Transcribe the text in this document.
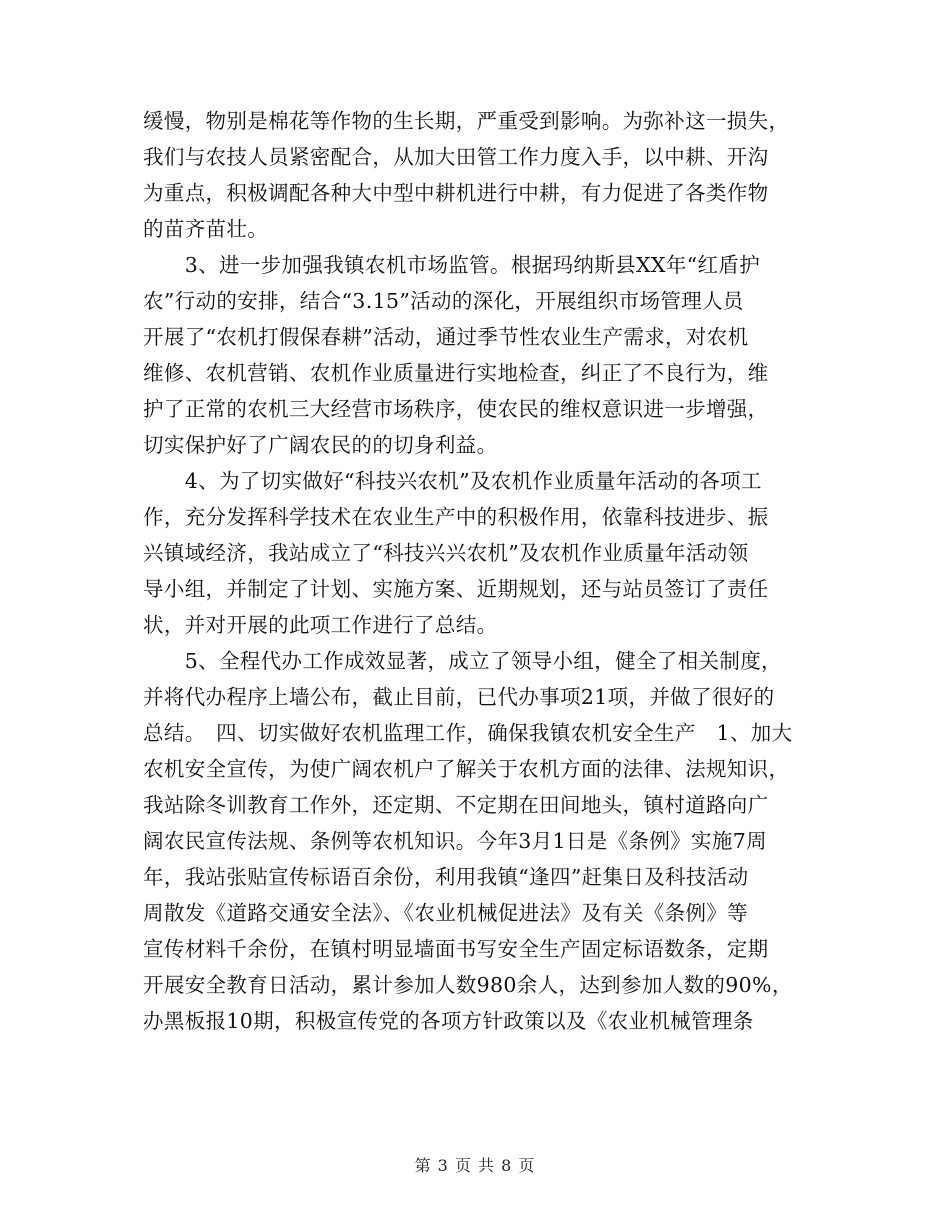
缓慢，物别是棉花等作物的生长期，严重受到影响。为弥补这一损失，
我们与农技人员紧密配合，从加大田管工作力度入手，以中耕、开沟
为重点，积极调配各种大中型中耕机进行中耕，有力促进了各类作物
的苗齐苗壮。
　　3、进一步加强我镇农机市场监管。根据玛纳斯县XX年“红盾护
农”行动的安排，结合“3.15”活动的深化，开展组织市场管理人员
开展了“农机打假保春耕”活动，通过季节性农业生产需求，对农机
维修、农机营销、农机作业质量进行实地检查，纠正了不良行为，维
护了正常的农机三大经营市场秩序，使农民的维权意识进一步增强，
切实保护好了广阔农民的的切身利益。
　　4、为了切实做好“科技兴农机”及农机作业质量年活动的各项工
作，充分发挥科学技术在农业生产中的积极作用，依靠科技进步、振
兴镇域经济，我站成立了“科技兴兴农机”及农机作业质量年活动领
导小组，并制定了计划、实施方案、近期规划，还与站员签订了责任
状，并对开展的此项工作进行了总结。
　　5、全程代办工作成效显著，成立了领导小组，健全了相关制度，
并将代办程序上墙公布，截止目前，已代办事项21项，并做了很好的
总结。　四、切实做好农机监理工作，确保我镇农机安全生产　1、加大
农机安全宣传，为使广阔农机户了解关于农机方面的法律、法规知识，
我站除冬训教育工作外，还定期、不定期在田间地头，镇村道路向广
阔农民宣传法规、条例等农机知识。今年3月1日是《条例》实施7周
年，我站张贴宣传标语百余份，利用我镇“逢四”赶集日及科技活动
周散发《道路交通安全法》、《农业机械促进法》及有关《条例》等
宣传材料千余份，在镇村明显墙面书写安全生产固定标语数条，定期
开展安全教育日活动，累计参加人数980余人，达到参加人数的90%，
办黑板报10期，积极宣传党的各项方针政策以及《农业机械管理条
第 3 页 共 8 页
